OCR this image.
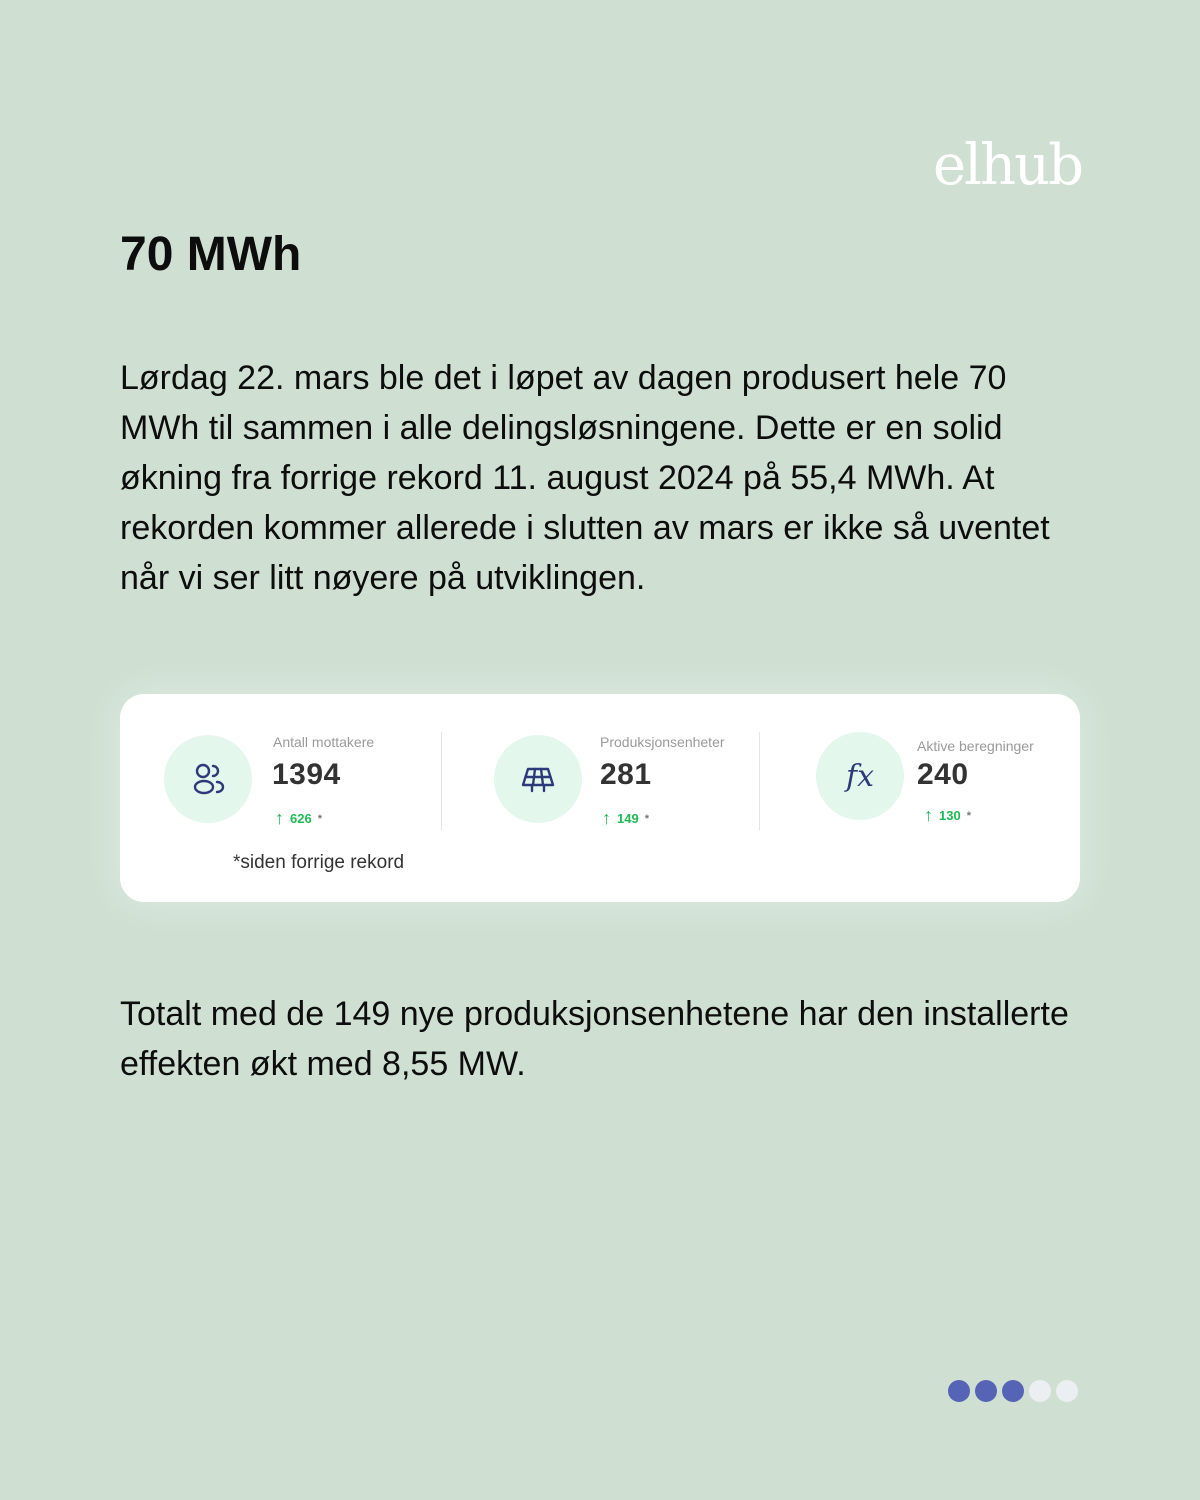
elhub
70 MWh

Lørdag 22. mars ble det i løpet av dagen produsert hele 70 MWh til sammen i alle delingsløsningene. Dette er en solid økning fra forrige rekord 11. august 2024 på 55,4 MWh. At rekorden kommer allerede i slutten av mars er ikke så uventet når vi ser litt nøyere på utviklingen.

Antall mottakere
1394
↑ 626 *
Produksjonsenheter
281
↑ 149 *
fx
Aktive beregninger
240
↑ 130 *
*siden forrige rekord

Totalt med de 149 nye produksjonsenhetene har den installerte effekten økt med 8,55 MW.
